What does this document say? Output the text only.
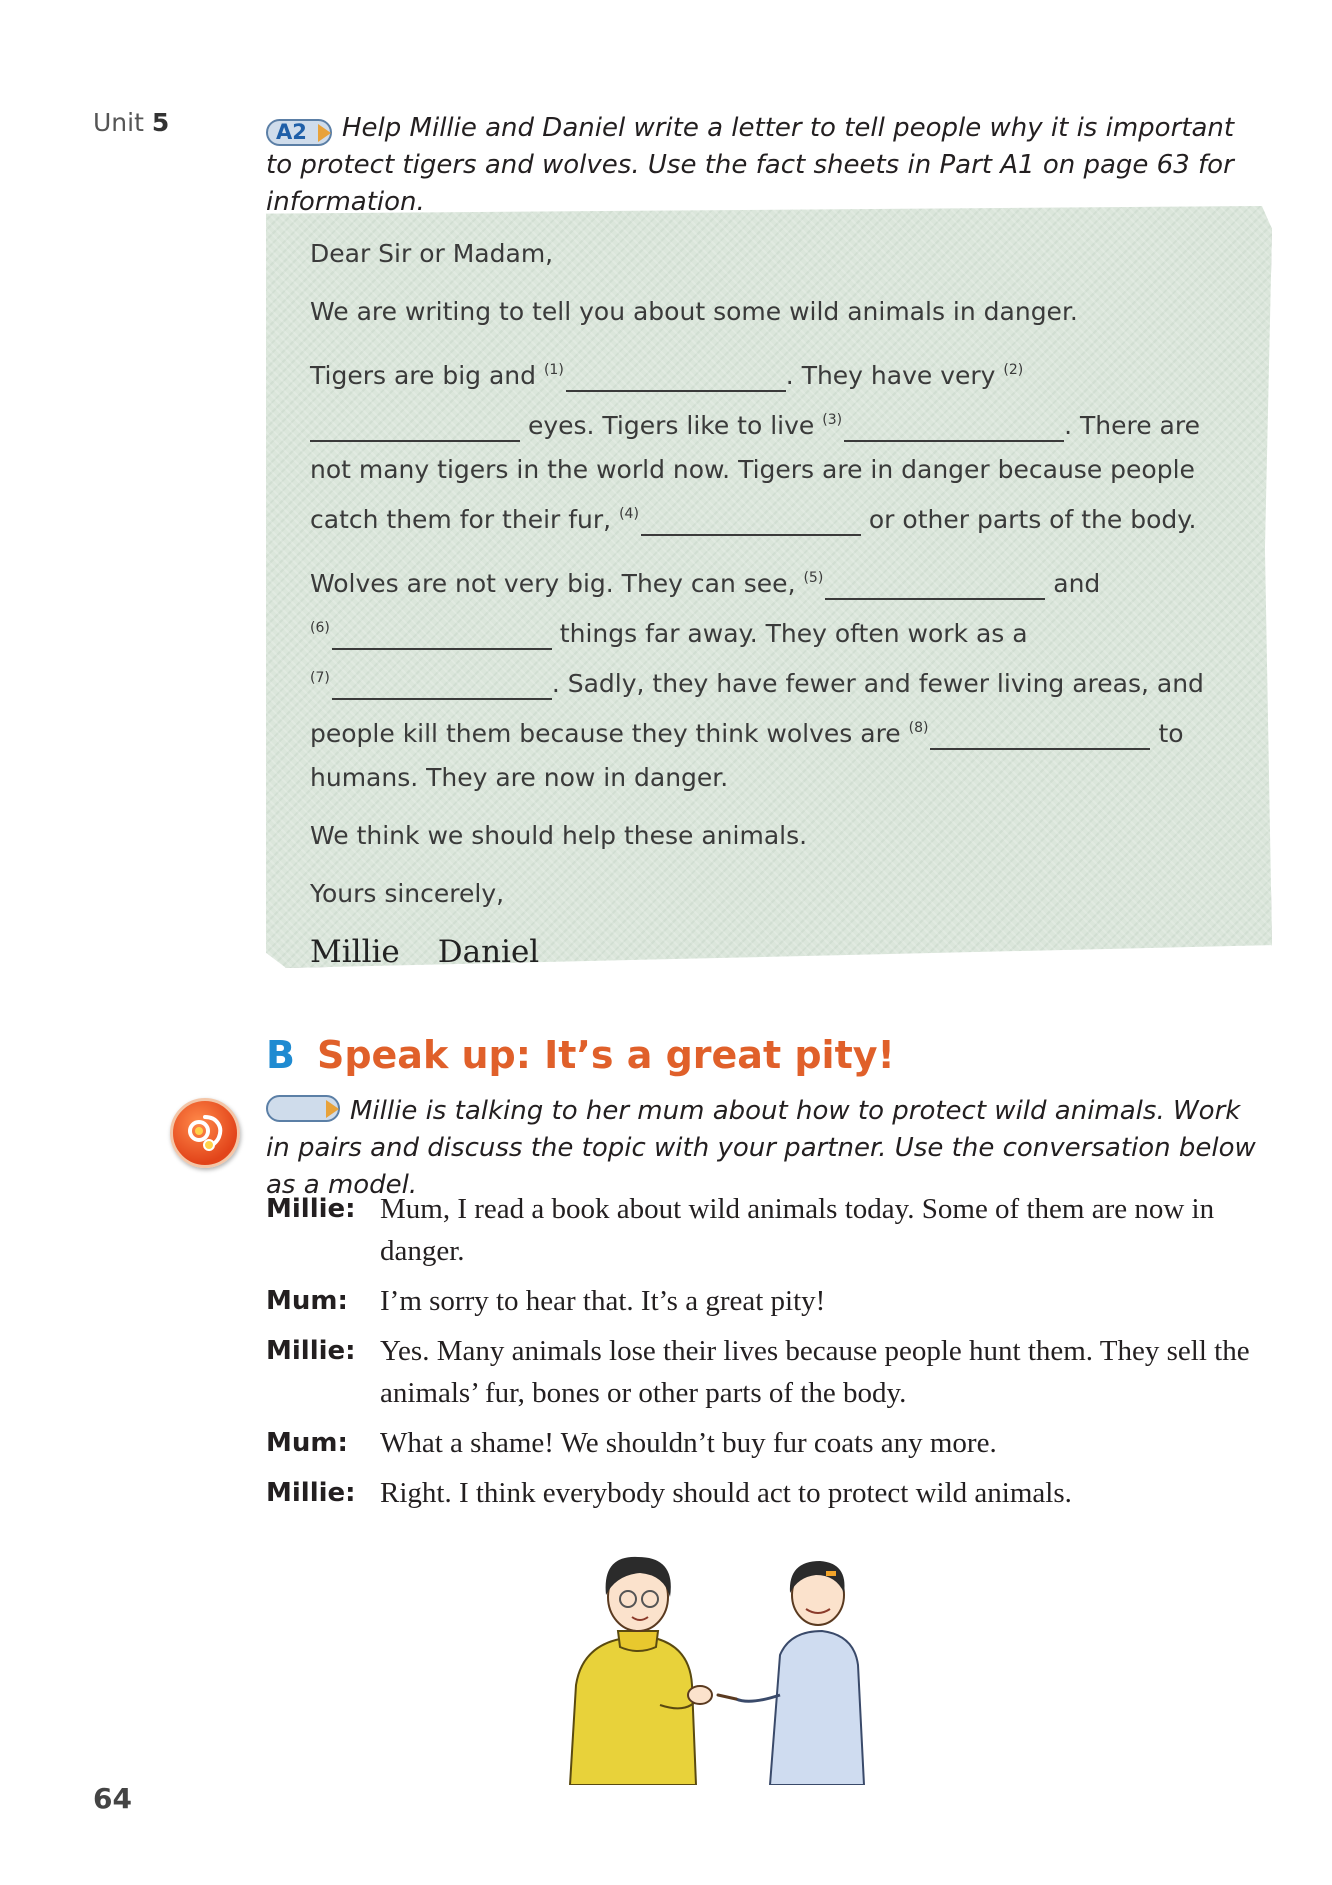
Unit 5	A2 Help Millie and Daniel write a letter to tell people why it is important to protect tigers and wolves. Use the fact sheets in Part A1 on page 63 for information.

Dear Sir or Madam,

We are writing to tell you about some wild animals in danger.

Tigers are big and $^{(1)}$	. They have very $^{(2)}$ eyes. Tigers like to live $^{(3)}$	. There are not many tigers in the world now. Tigers are in danger because people catch them for their fur, $^{(4)}$	or other parts of the body.

Wolves are not very big. They can see, $^{(5)}$	and
$^{(6)}$	things far away. They often work as a
$^{(7)}$	. Sadly, they have fewer and fewer living areas, and people kill them because they think wolves are $^{(8)}$	to humans. They are now in danger.

We think we should help these animals.

Yours sincerely,

Millie Daniel
B Speak up: It’s a great pity!
Millie is talking to her mum about how to protect wild animals. Work in pairs and discuss the topic with your partner. Use the conversation below as a model.
Millie: Mum, I read a book about wild animals today. Some of them are now in danger.
Mum:	I’m sorry to hear that. It’s a great pity!
Millie: Yes. Many animals lose their lives because people hunt them. They sell the animals’ fur, bones or other parts of the body.
Mum:	What a shame! We shouldn’t buy fur coats any more.
Millie: Right. I think everybody should act to protect wild animals.
64
